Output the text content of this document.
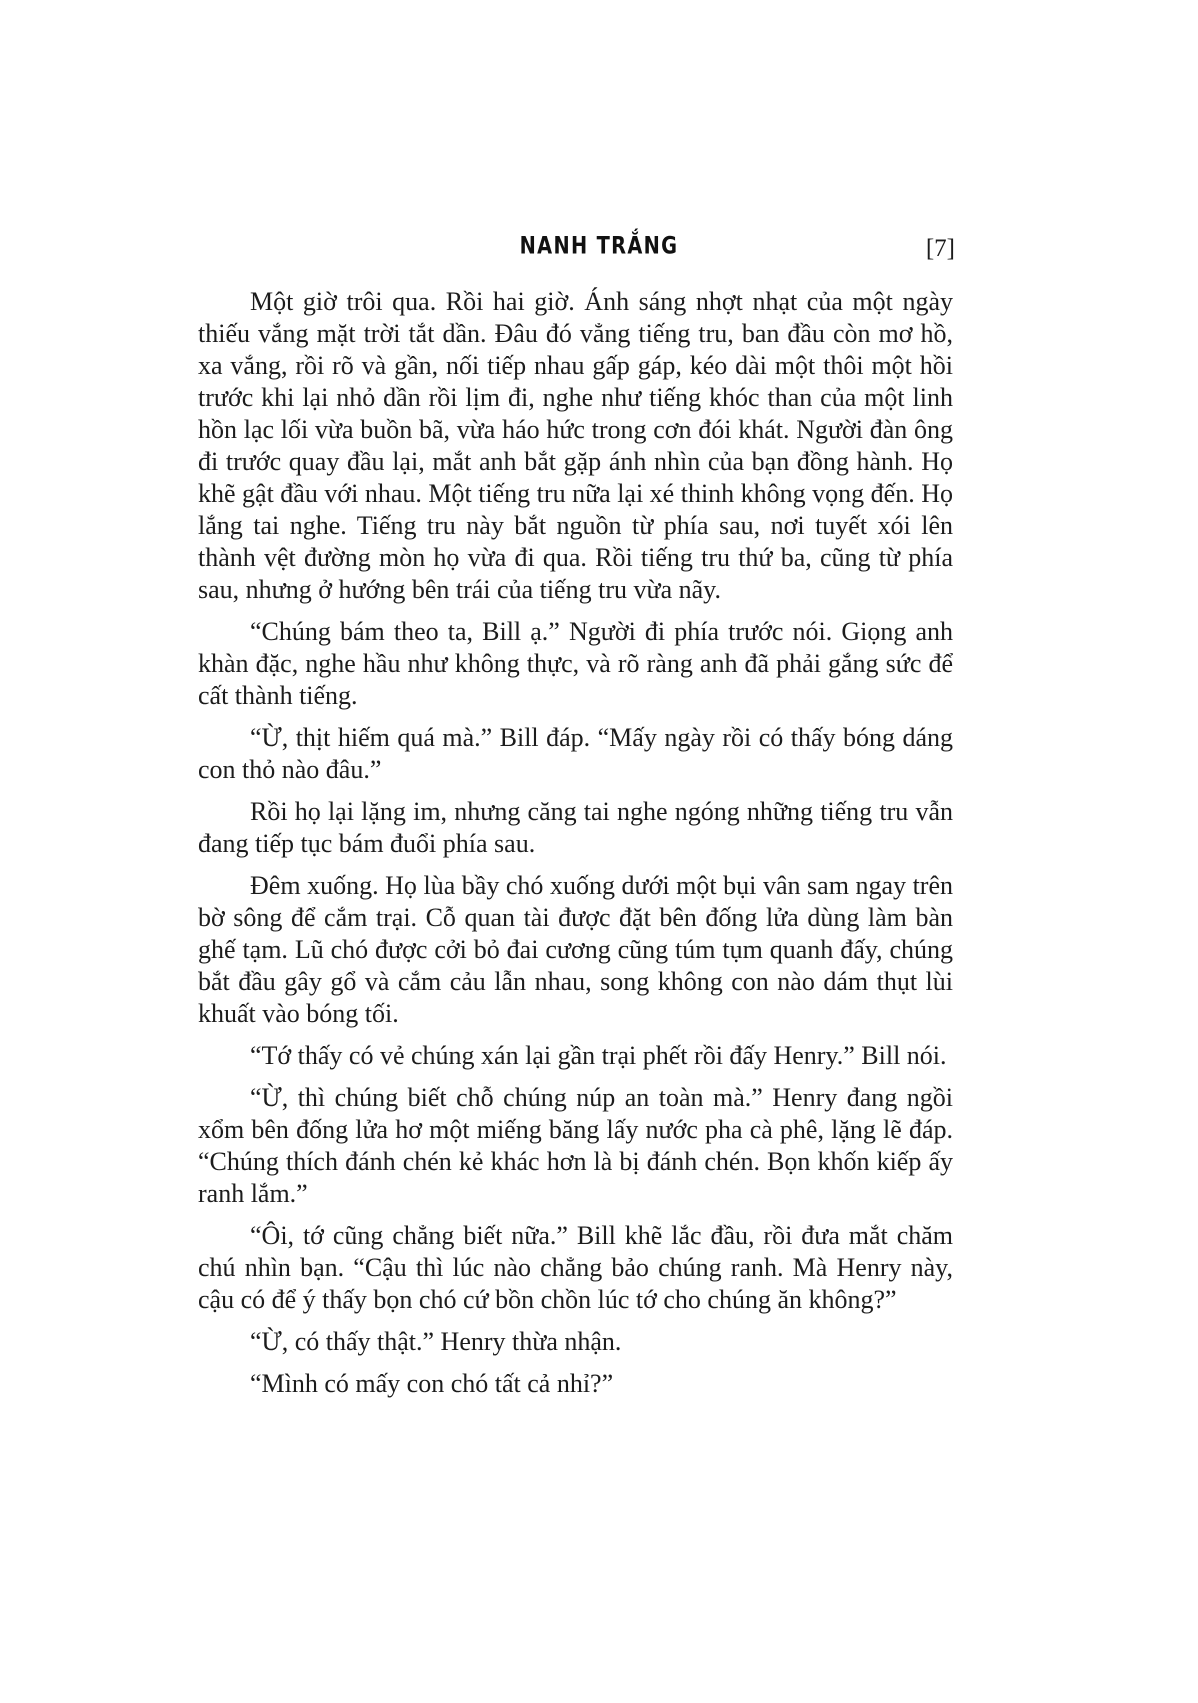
NANH TRẮNG	[7]

Một giờ trôi qua. Rồi hai giờ. Ánh sáng nhợt nhạt của một ngày thiếu vắng mặt trời tắt dần. Đâu đó vẳng tiếng tru, ban đầu còn mơ hồ, xa vắng, rồi rõ và gần, nối tiếp nhau gấp gáp, kéo dài một thôi một hồi trước khi lại nhỏ dần rồi lịm đi, nghe như tiếng khóc than của một linh hồn lạc lối vừa buồn bã, vừa háo hức trong cơn đói khát. Người đàn ông đi trước quay đầu lại, mắt anh bắt gặp ánh nhìn của bạn đồng hành. Họ khẽ gật đầu với nhau. Một tiếng tru nữa lại xé thinh không vọng đến. Họ lắng tai nghe. Tiếng tru này bắt nguồn từ phía sau, nơi tuyết xói lên thành vệt đường mòn họ vừa đi qua. Rồi tiếng tru thứ ba, cũng từ phía sau, nhưng ở hướng bên trái của tiếng tru vừa nãy.

“Chúng bám theo ta, Bill ạ.” Người đi phía trước nói. Giọng anh khàn đặc, nghe hầu như không thực, và rõ ràng anh đã phải gắng sức để cất thành tiếng.

“Ừ, thịt hiếm quá mà.” Bill đáp. “Mấy ngày rồi có thấy bóng dáng con thỏ nào đâu.”

Rồi họ lại lặng im, nhưng căng tai nghe ngóng những tiếng tru vẫn đang tiếp tục bám đuổi phía sau.

Đêm xuống. Họ lùa bầy chó xuống dưới một bụi vân sam ngay trên bờ sông để cắm trại. Cỗ quan tài được đặt bên đống lửa dùng làm bàn ghế tạm. Lũ chó được cởi bỏ đai cương cũng túm tụm quanh đấy, chúng bắt đầu gây gổ và cắm cảu lẫn nhau, song không con nào dám thụt lùi khuất vào bóng tối.

“Tớ thấy có vẻ chúng xán lại gần trại phết rồi đấy Henry.” Bill nói.

“Ừ, thì chúng biết chỗ chúng núp an toàn mà.” Henry đang ngồi xổm bên đống lửa hơ một miếng băng lấy nước pha cà phê, lặng lẽ đáp. “Chúng thích đánh chén kẻ khác hơn là bị đánh chén. Bọn khốn kiếp ấy ranh lắm.”

“Ôi, tớ cũng chẳng biết nữa.” Bill khẽ lắc đầu, rồi đưa mắt chăm chú nhìn bạn. “Cậu thì lúc nào chẳng bảo chúng ranh. Mà Henry này, cậu có để ý thấy bọn chó cứ bồn chồn lúc tớ cho chúng ăn không?”

“Ừ, có thấy thật.” Henry thừa nhận.

“Mình có mấy con chó tất cả nhỉ?”
